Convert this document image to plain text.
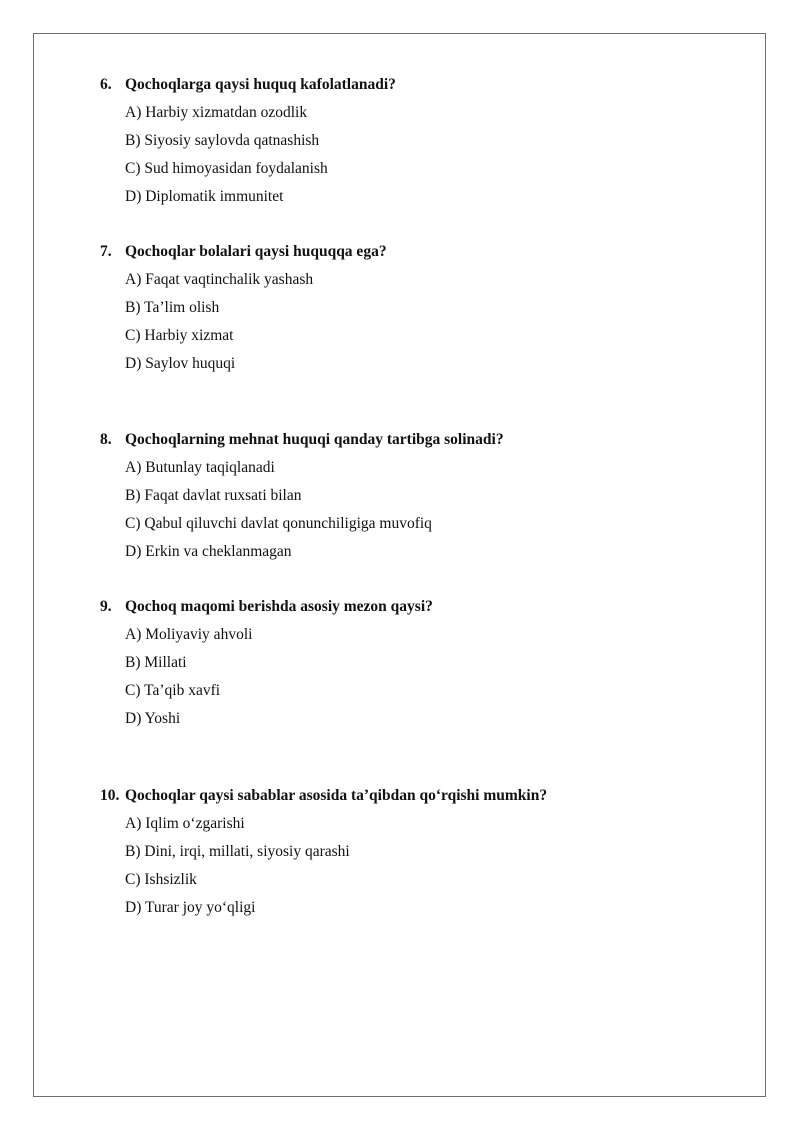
6. Qochoqlarga qaysi huquq kafolatlanadi?
A) Harbiy xizmatdan ozodlik
B) Siyosiy saylovda qatnashish
C) Sud himoyasidan foydalanish
D) Diplomatik immunitet
7. Qochoqlar bolalari qaysi huquqqa ega?
A) Faqat vaqtinchalik yashash
B) Ta’lim olish
C) Harbiy xizmat
D) Saylov huquqi
8. Qochoqlarning mehnat huquqi qanday tartibga solinadi?
A) Butunlay taqiqlanadi
B) Faqat davlat ruxsati bilan
C) Qabul qiluvchi davlat qonunchiligiga muvofiq
D) Erkin va cheklanmagan
9. Qochoq maqomi berishda asosiy mezon qaysi?
A) Moliyaviy ahvoli
B) Millati
C) Ta’qib xavfi
D) Yoshi
10. Qochoqlar qaysi sabablar asosida ta’qibdan qo‘rqishi mumkin?
A) Iqlim o‘zgarishi
B) Dini, irqi, millati, siyosiy qarashi
C) Ishsizlik
D) Turar joy yo‘qligi
